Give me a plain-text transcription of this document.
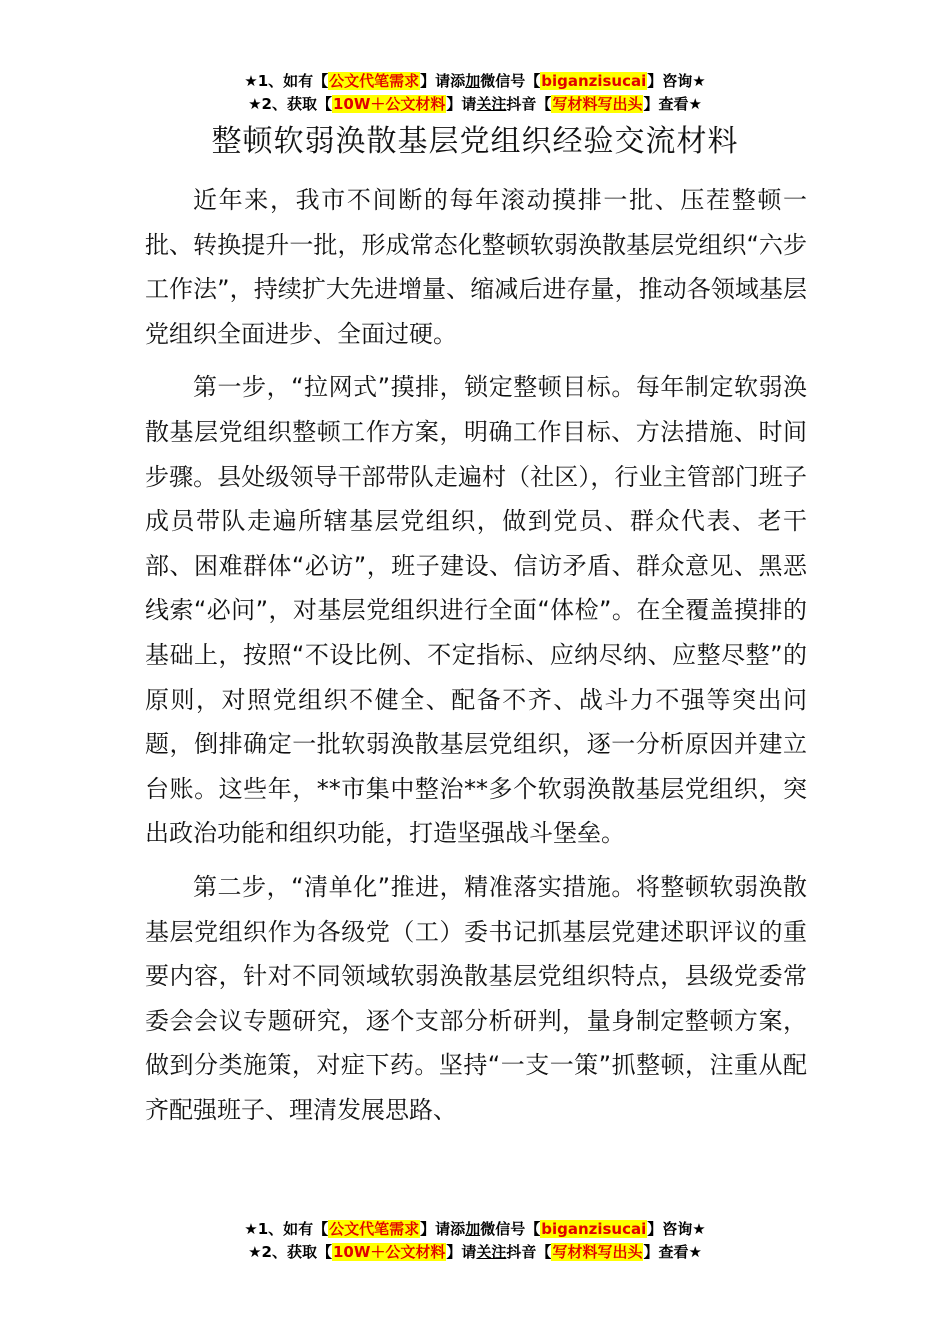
★1、如有【公文代笔需求】请添加微信号【biganzisucai】咨询★
★2、获取【10W＋公文材料】请关注抖音【写材料写出头】查看★
整顿软弱涣散基层党组织经验交流材料

近年来，我市不间断的每年滚动摸排一批、压茬整顿一批、转换提升一批，形成常态化整顿软弱涣散基层党组织“六步工作法”，持续扩大先进增量、缩减后进存量，推动各领域基层党组织全面进步、全面过硬。

第一步，“拉网式”摸排，锁定整顿目标。每年制定软弱涣散基层党组织整顿工作方案，明确工作目标、方法措施、时间步骤。县处级领导干部带队走遍村（社区），行业主管部门班子成员带队走遍所辖基层党组织，做到党员、群众代表、老干部、困难群体“必访”，班子建设、信访矛盾、群众意见、黑恶线索“必问”，对基层党组织进行全面“体检”。在全覆盖摸排的基础上，按照“不设比例、不定指标、应纳尽纳、应整尽整”的原则，对照党组织不健全、配备不齐、战斗力不强等突出问题，倒排确定一批软弱涣散基层党组织，逐一分析原因并建立台账。这些年，**市集中整治**多个软弱涣散基层党组织，突出政治功能和组织功能，打造坚强战斗堡垒。

第二步，“清单化”推进，精准落实措施。将整顿软弱涣散基层党组织作为各级党（工）委书记抓基层党建述职评议的重要内容，针对不同领域软弱涣散基层党组织特点，县级党委常委会会议专题研究，逐个支部分析研判，量身制定整顿方案，做到分类施策，对症下药。坚持“一支一策”抓整顿，注重从配齐配强班子、理清发展思路、

★1、如有【公文代笔需求】请添加微信号【biganzisucai】咨询★
★2、获取【10W＋公文材料】请关注抖音【写材料写出头】查看★
